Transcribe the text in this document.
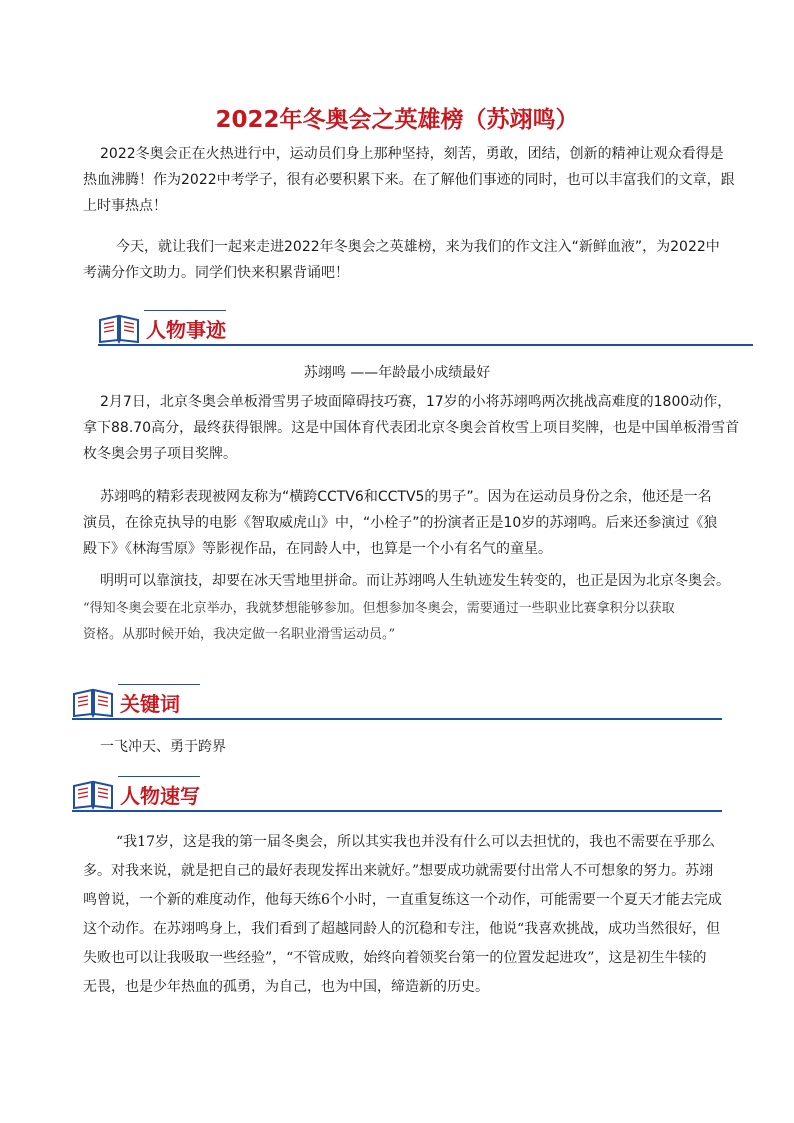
2022年冬奥会之英雄榜（苏翊鸣）
2022冬奥会正在火热进行中，运动员们身上那种坚持，刻苦，勇敢，团结，创新的精神让观众看得是
热血沸腾！作为2022中考学子，很有必要积累下来。在了解他们事迹的同时，也可以丰富我们的文章，跟
上时事热点！
今天，就让我们一起来走进2022年冬奥会之英雄榜，来为我们的作文注入“新鲜血液”，为2022中
考满分作文助力。同学们快来积累背诵吧！
人物事迹
苏翊鸣 ——年龄最小成绩最好
2月7日，北京冬奥会单板滑雪男子坡面障碍技巧赛，17岁的小将苏翊鸣两次挑战高难度的1800动作，
拿下88.70高分，最终获得银牌。这是中国体育代表团北京冬奥会首枚雪上项目奖牌，也是中国单板滑雪首
枚冬奥会男子项目奖牌。
苏翊鸣的精彩表现被网友称为“横跨CCTV6和CCTV5的男子”。因为在运动员身份之余，他还是一名
演员，在徐克执导的电影《智取威虎山》中，“小栓子”的扮演者正是10岁的苏翊鸣。后来还参演过《狼
殿下》《林海雪原》等影视作品，在同龄人中，也算是一个小有名气的童星。
明明可以靠演技，却要在冰天雪地里拼命。而让苏翊鸣人生轨迹发生转变的，也正是因为北京冬奥会。
“得知冬奥会要在北京举办，我就梦想能够参加。但想参加冬奥会，需要通过一些职业比赛拿积分以获取
资格。从那时候开始，我决定做一名职业滑雪运动员。”
关键词
一飞冲天、勇于跨界
人物速写
“我17岁，这是我的第一届冬奥会，所以其实我也并没有什么可以去担忧的，我也不需要在乎那么
多。对我来说，就是把自己的最好表现发挥出来就好。”想要成功就需要付出常人不可想象的努力。苏翊
鸣曾说，一个新的难度动作，他每天练6个小时，一直重复练这一个动作，可能需要一个夏天才能去完成
这个动作。在苏翊鸣身上，我们看到了超越同龄人的沉稳和专注，他说“我喜欢挑战，成功当然很好，但
失败也可以让我吸取一些经验”，“不管成败，始终向着领奖台第一的位置发起进攻”，这是初生牛犊的
无畏，也是少年热血的孤勇，为自己，也为中国，缔造新的历史。
